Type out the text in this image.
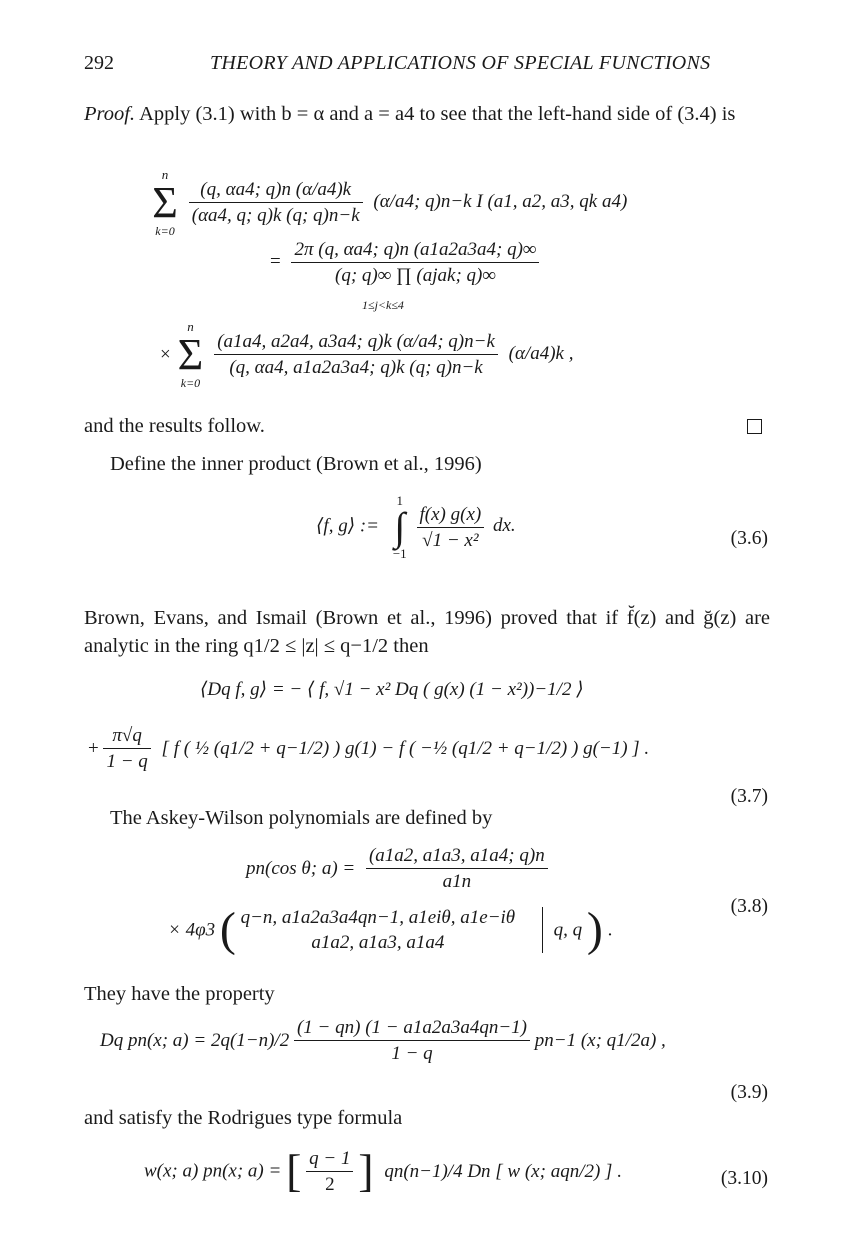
292	THEORY AND APPLICATIONS OF SPECIAL FUNCTIONS
Proof. Apply (3.1) with b = α and a = a4 to see that the left-hand side of (3.4) is
n
Σ
k=0

$\frac{(q, \alpha a4; q)n (\alpha/a4)k}{(\alpha a4, q; q)k (q; q)n-k} (\alpha/a4$; q)n−k I (a1, a2, a3, qk a4)
= $\frac{2\pi (q, \alpha a4; q)n (a1a2a3a4; q)\infty}{\text{(q; q)∞ ∏ (ajak; q)∞}}$
1≤j<k≤4
×
n
Σ
k=0

$\frac{(a1a4, a2a4, a3a4; q)k (\alpha/a4; q)n-k}{(q, \alpha a4, a1a2a3a4; q)k (q; q)n-k} (\alpha/a4)k$ ,
and the results follow.
Define the inner product (Brown et al., 1996)
⟨f, g⟩ :=
1
∫
−1

$\frac{f(x) g(x)}{\text{√1 − x²}}$ dx.
(3.6)
Brown, Evans, and Ismail (Brown et al., 1996) proved that if f̆(z) and ğ(z) are analytic in the ring q1/2 ≤ |z| ≤ q−1/2 then
⟨Dq f, g⟩ = − ⟨ f, √1 − x² Dq ( g(x) (1 − x²))−1/2 ⟩
+ $\frac{\pi√q}{1 - q}$ [ f ( ½ (q1/2 + q−1/2) ) g(1) − f ( −½ (q1/2 + q−1/2) ) g(−1) ] .
(3.7)
The Askey-Wilson polynomials are defined by
pn(cos θ; $a) = \frac{(a1a2, a1a3, a1a4; q)n}{a1n}$
× 4φ3 ( q−n, a1a2a3a4qn−1, a1eiθ, a1e−iθ
a1a2, a1a3, a1a4
q, q ) .
(3.8)
They have the property
Dq pn(x; $a) = 2q(1-n)/2 \frac{(1 - qn) (1 - a1a2a3a4qn-1)}{1 - q} pn-1$ (x; q1/2a) ,
(3.9)
and satisfy the Rodrigues type formula
w(x; a) pn(x; a) = [ $\frac{q - 1}{2}$ ] qn(n−1)/4 Dn [ w (x; aqn/2) ] .	(3.10)
